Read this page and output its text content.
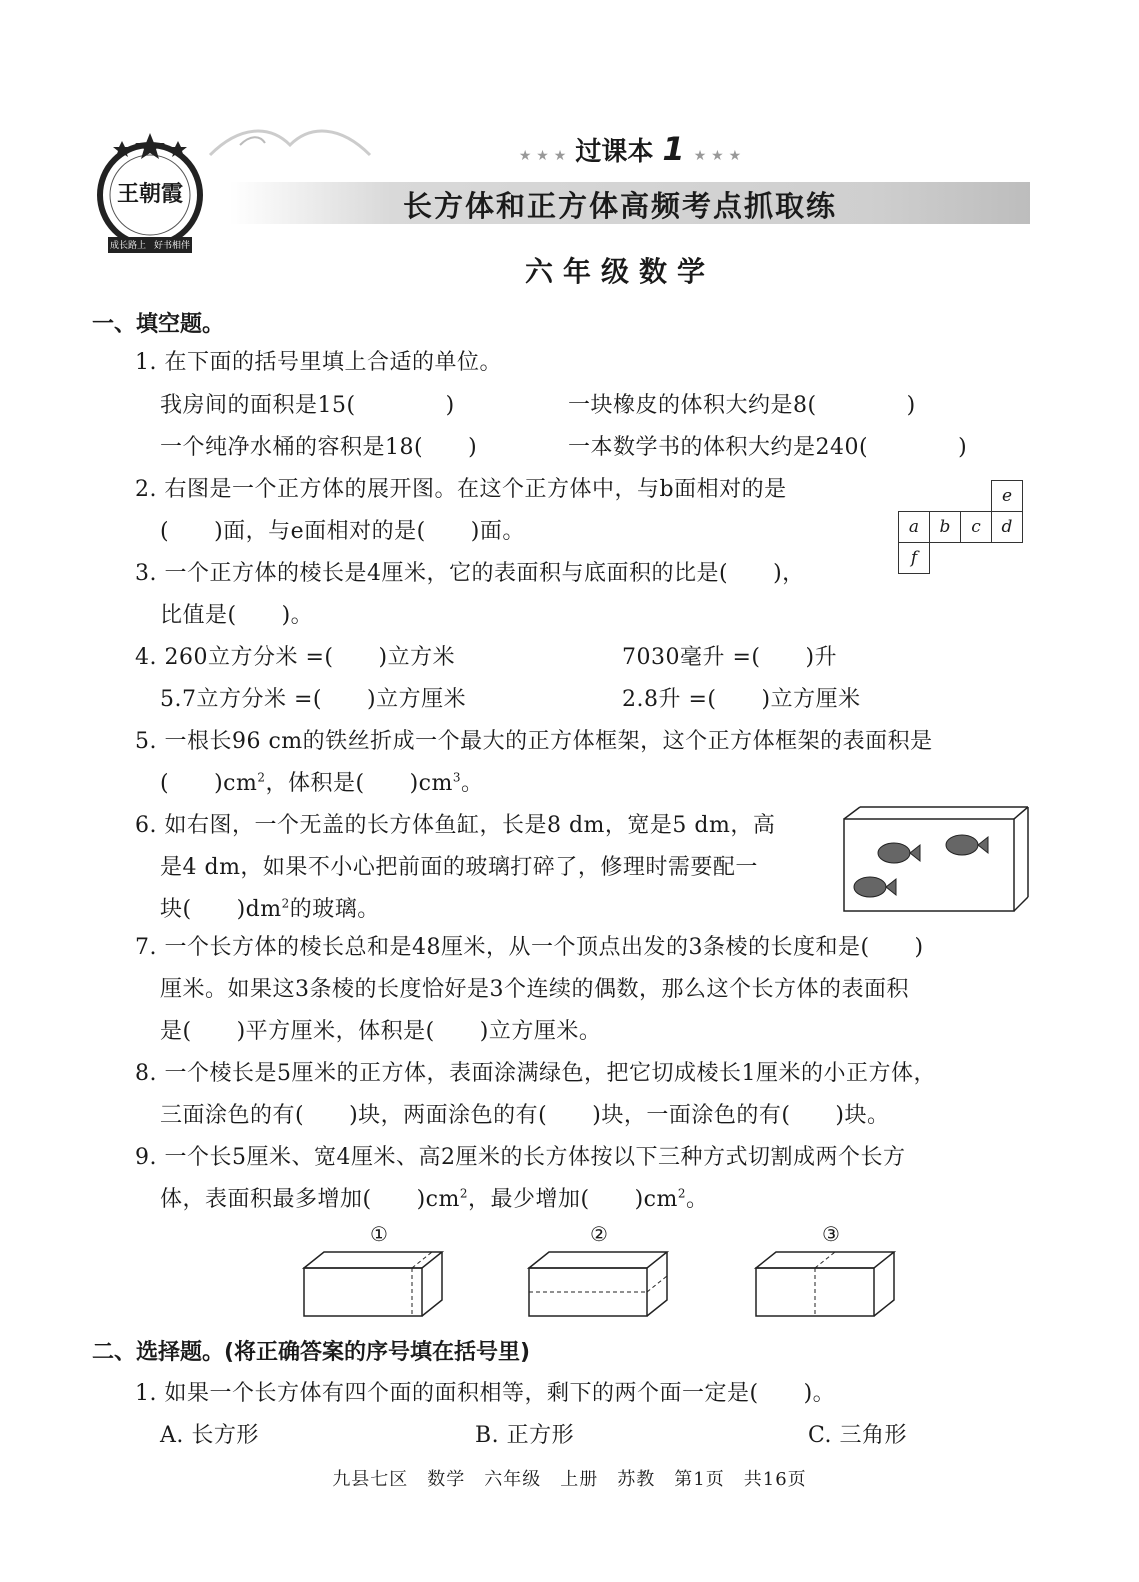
王朝霞
成长路上 好书相伴
★ ★ ★ 过课本 1 ★ ★ ★
长方体和正方体高频考点抓取练
六年级数学
一、填空题。
1. 在下面的括号里填上合适的单位。
我房间的面积是15(　　　　)	一块橡皮的体积大约是8(　　　　)
一个纯净水桶的容积是18(　　)	一本数学书的体积大约是240(　　　　)
2. 右图是一个正方体的展开图。在这个正方体中，与b面相对的是
(　　)面，与e面相对的是(　　)面。
			e
a	b	c	d
f			
3. 一个正方体的棱长是4厘米，它的表面积与底面积的比是(　　)，
比值是(　　)。
4. 260立方分米 =(　　)立方米	7030毫升 =(　　)升
5.7立方分米 =(　　)立方厘米	2.8升 =(　　)立方厘米
5. 一根长96 cm的铁丝折成一个最大的正方体框架，这个正方体框架的表面积是
(　　)$cm^2$，体积是(　　)$cm^3$。
6. 如右图，一个无盖的长方体鱼缸，长是8 dm，宽是5 dm，高
是4 dm，如果不小心把前面的玻璃打碎了，修理时需要配一
块(　　)$dm^2$的玻璃。
7. 一个长方体的棱长总和是48厘米，从一个顶点出发的3条棱的长度和是(　　)
厘米。如果这3条棱的长度恰好是3个连续的偶数，那么这个长方体的表面积
是(　　)平方厘米，体积是(　　)立方厘米。
8. 一个棱长是5厘米的正方体，表面涂满绿色，把它切成棱长1厘米的小正方体，
三面涂色的有(　　)块，两面涂色的有(　　)块，一面涂色的有(　　)块。
9. 一个长5厘米、宽4厘米、高2厘米的长方体按以下三种方式切割成两个长方
体，表面积最多增加(　　)$cm^2$，最少增加(　　)$cm^2$。
①	②	③
二、选择题。(将正确答案的序号填在括号里)
1. 如果一个长方体有四个面的面积相等，剩下的两个面一定是(　　)。
A. 长方形	B. 正方形	C. 三角形
九县七区　数学　六年级　上册　苏教　第1页　共16页
